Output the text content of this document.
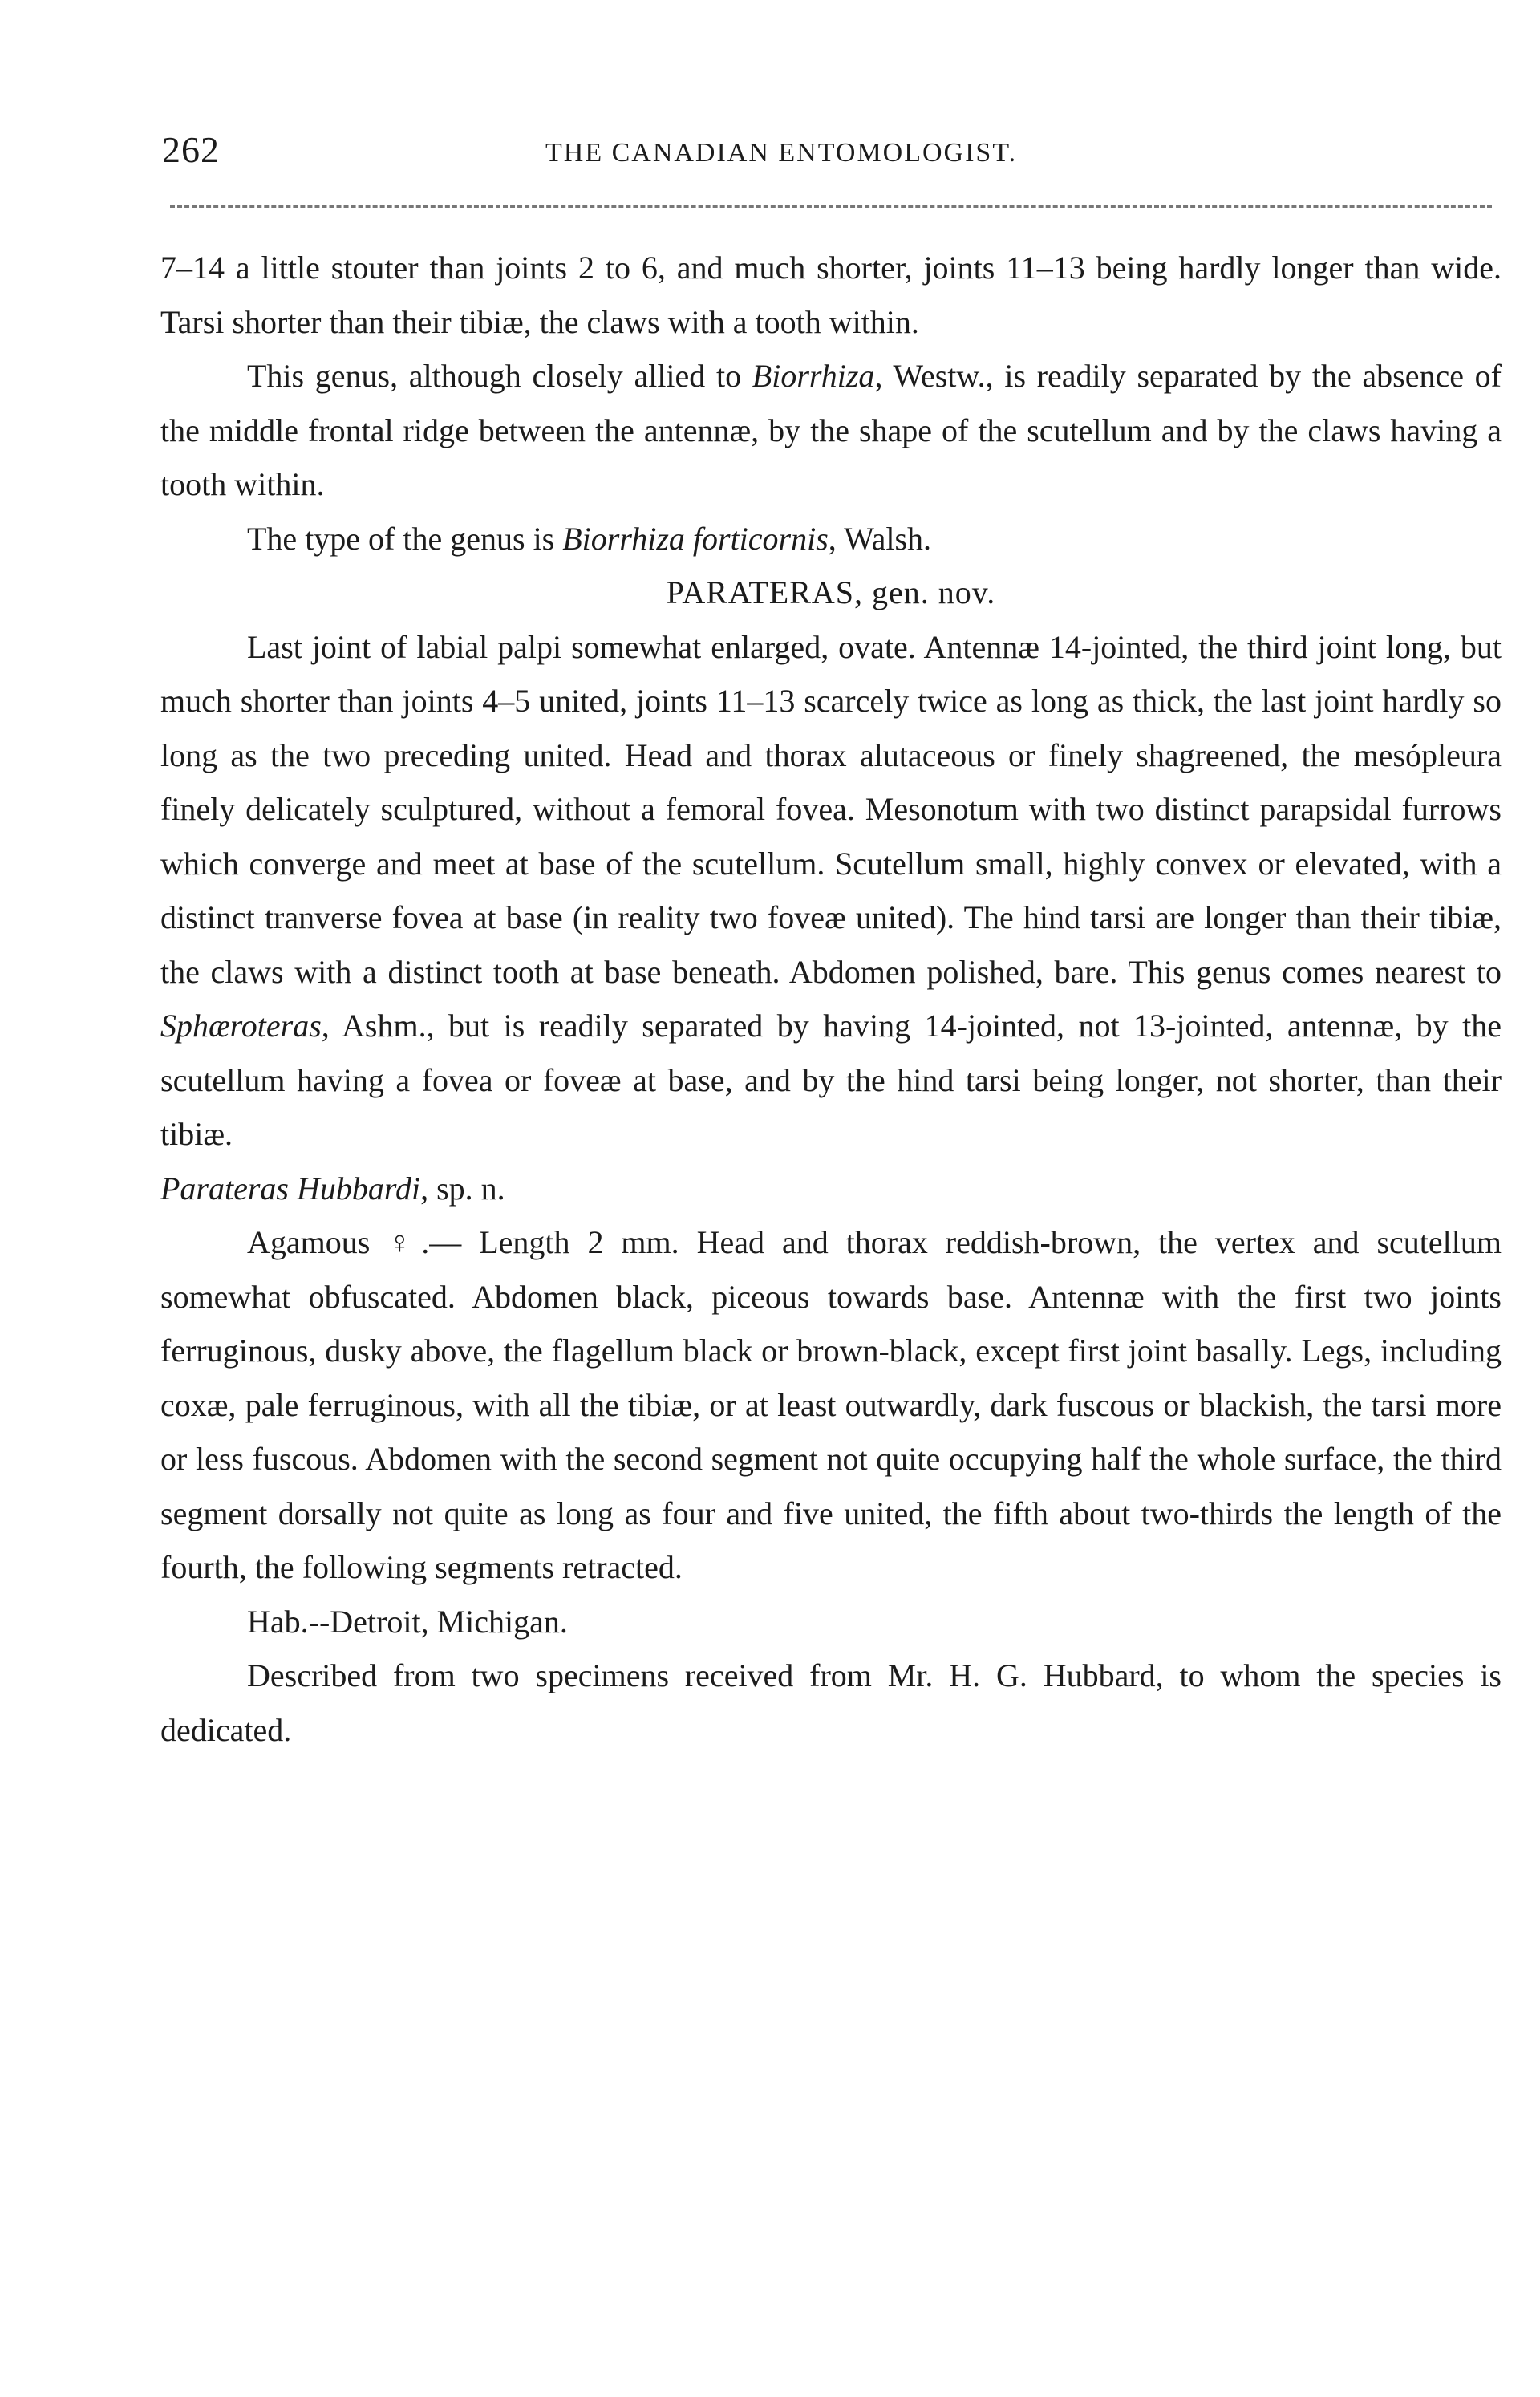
262	THE CANADIAN ENTOMOLOGIST.

7–14 a little stouter than joints 2 to 6, and much shorter, joints 11–13 being hardly longer than wide. Tarsi shorter than their tibiæ, the claws with a tooth within.

This genus, although closely allied to Biorrhiza, Westw., is readily separated by the absence of the middle frontal ridge between the antennæ, by the shape of the scutellum and by the claws having a tooth within.

The type of the genus is Biorrhiza forticornis, Walsh.

PARATERAS, gen. nov.

Last joint of labial palpi somewhat enlarged, ovate. Antennæ 14-jointed, the third joint long, but much shorter than joints 4–5 united, joints 11–13 scarcely twice as long as thick, the last joint hardly so long as the two preceding united. Head and thorax alutaceous or finely shagreened, the mesópleura finely delicately sculptured, without a femoral fovea. Mesonotum with two distinct parapsidal furrows which converge and meet at base of the scutellum. Scutellum small, highly convex or elevated, with a distinct tranverse fovea at base (in reality two foveæ united). The hind tarsi are longer than their tibiæ, the claws with a distinct tooth at base beneath. Abdomen polished, bare. This genus comes nearest to Sphæroteras, Ashm., but is readily separated by having 14-jointed, not 13-jointed, antennæ, by the scutellum having a fovea or foveæ at base, and by the hind tarsi being longer, not shorter, than their tibiæ.

Parateras Hubbardi, sp. n.

Agamous ♀.— Length 2 mm. Head and thorax reddish-brown, the vertex and scutellum somewhat obfuscated. Abdomen black, piceous towards base. Antennæ with the first two joints ferruginous, dusky above, the flagellum black or brown-black, except first joint basally. Legs, including coxæ, pale ferruginous, with all the tibiæ, or at least outwardly, dark fuscous or blackish, the tarsi more or less fuscous. Abdomen with the second segment not quite occupying half the whole surface, the third segment dorsally not quite as long as four and five united, the fifth about two-thirds the length of the fourth, the following segments retracted.

Hab.--Detroit, Michigan.

Described from two specimens received from Mr. H. G. Hubbard, to whom the species is dedicated.
